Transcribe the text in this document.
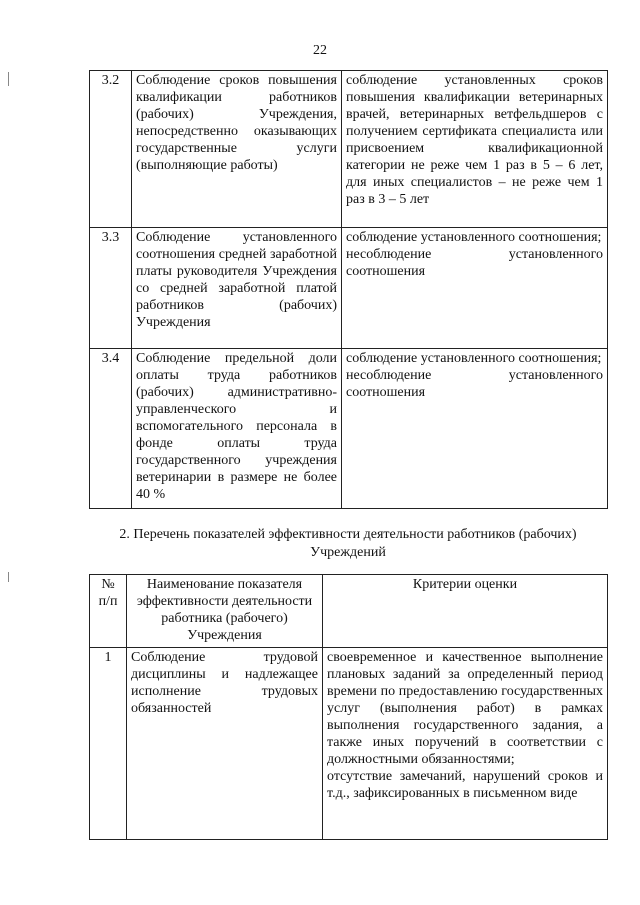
22
3.2	Соблюдение сроков повышения квалификации работников (рабочих) Учреждения, непосредственно оказывающих государственные услуги (выполняющие работы)	соблюдение установленных сроков повышения квалификации ветеринарных врачей, ветеринарных ветфельдшеров с получением сертификата специалиста или присвоением квалификационной категории не реже чем 1 раз в 5 – 6 лет, для иных специалистов – не реже чем 1 раз в 3 – 5 лет
3.3	Соблюдение установленного соотношения средней заработной платы руководителя Учреждения со средней заработной платой работников (рабочих) Учреждения	соблюдение установленного соотношения;
несоблюдение установленного соотношения

3.4	Соблюдение предельной доли оплаты труда работников (рабочих) административно-управленческого и вспомогательного персонала в фонде оплаты труда государственного учреждения ветеринарии в размере не более 40 %	соблюдение установленного соотношения;
несоблюдение установленного соотношения
2. Перечень показателей эффективности деятельности работников (рабочих) Учреждений
№ п/п	Наименование показателя эффективности деятельности работника (рабочего) Учреждения	Критерии оценки
1	Соблюдение трудовой дисциплины и надлежащее исполнение трудовых обязанностей	своевременное и качественное выполнение плановых заданий за определенный период времени по предоставлению государственных услуг (выполнения работ) в рамках выполнения государственного задания, а также иных поручений в соответствии с должностными обязанностями;
отсутствие замечаний, нарушений сроков и т.д., зафиксированных в письменном виде
